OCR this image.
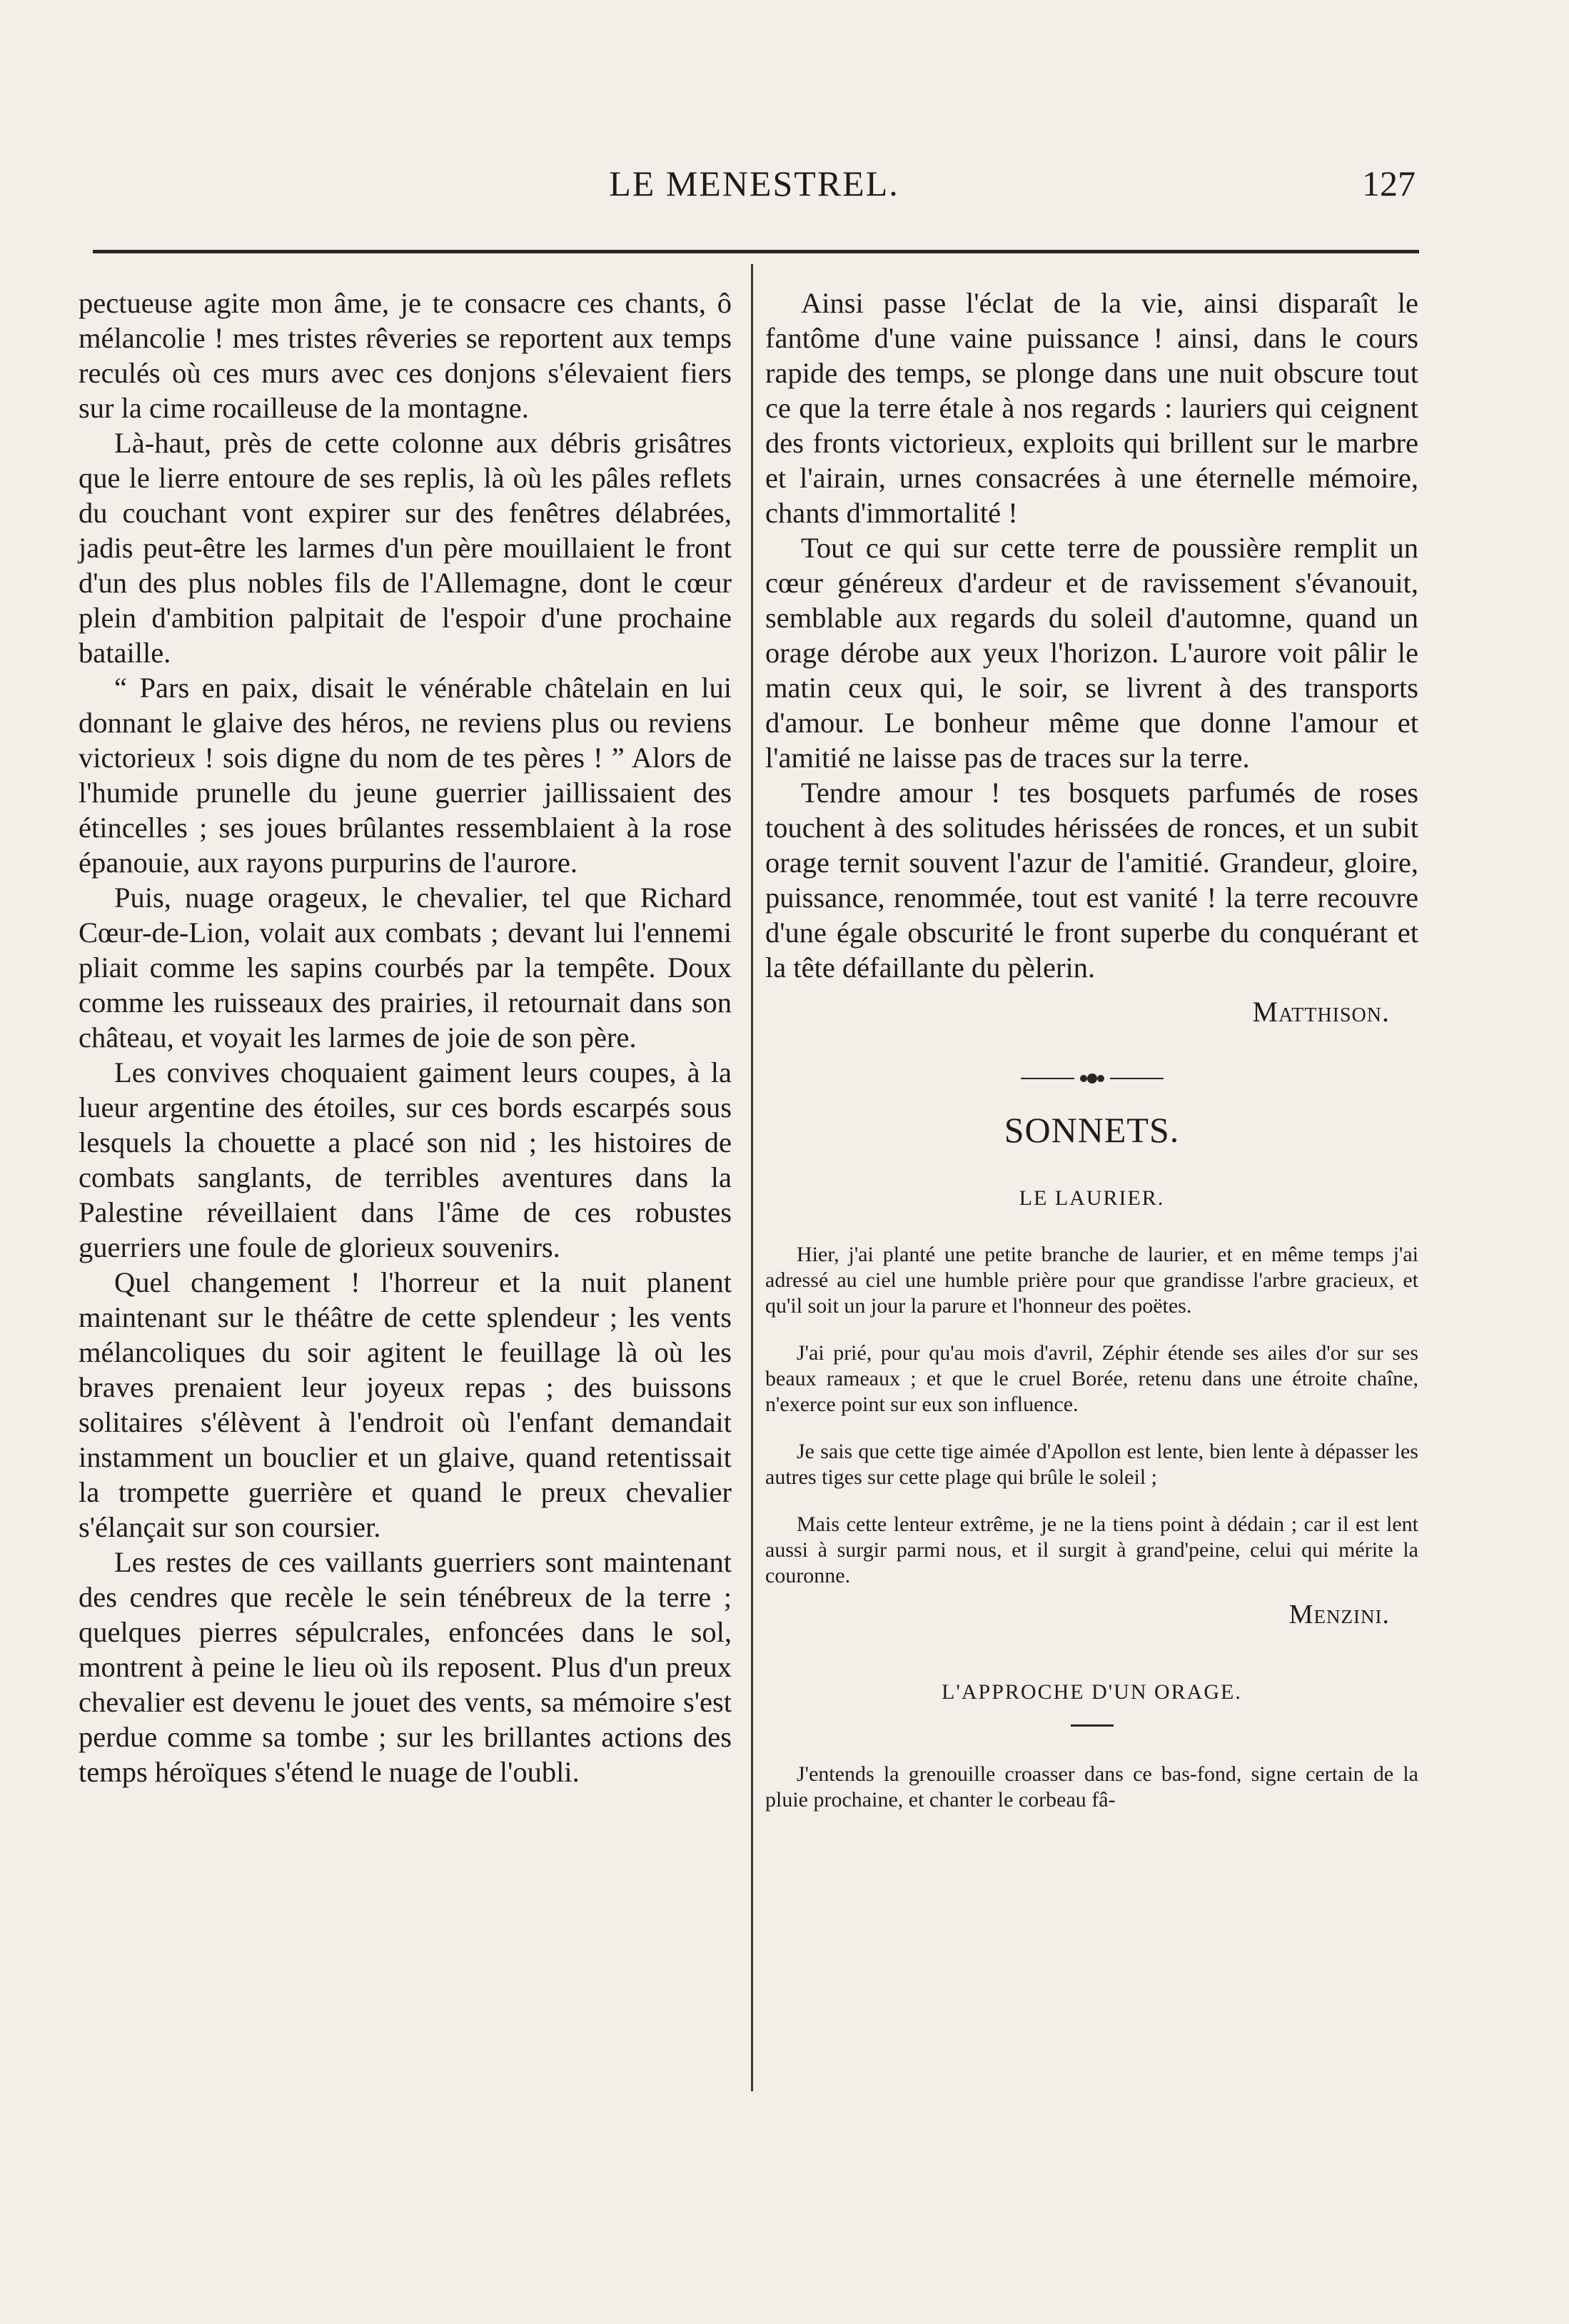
LE MENESTREL.	127

pectueuse agite mon âme, je te consacre ces chants, ô mélancolie ! mes tristes rêveries se reportent aux temps reculés où ces murs avec ces donjons s'élevaient fiers sur la cime rocailleuse de la montagne.

Là-haut, près de cette colonne aux débris grisâtres que le lierre entoure de ses replis, là où les pâles reflets du couchant vont expirer sur des fenêtres délabrées, jadis peut-être les larmes d'un père mouillaient le front d'un des plus nobles fils de l'Allemagne, dont le cœur plein d'ambition palpitait de l'espoir d'une prochaine bataille.

“ Pars en paix, disait le vénérable châtelain en lui donnant le glaive des héros, ne reviens plus ou reviens victorieux ! sois digne du nom de tes pères ! ” Alors de l'humide prunelle du jeune guerrier jaillissaient des étincelles ; ses joues brûlantes ressemblaient à la rose épanouie, aux rayons purpurins de l'aurore.

Puis, nuage orageux, le chevalier, tel que Richard Cœur-de-Lion, volait aux combats ; devant lui l'ennemi pliait comme les sapins courbés par la tempête. Doux comme les ruisseaux des prairies, il retournait dans son château, et voyait les larmes de joie de son père.

Les convives choquaient gaiment leurs coupes, à la lueur argentine des étoiles, sur ces bords escarpés sous lesquels la chouette a placé son nid ; les histoires de combats sanglants, de terribles aventures dans la Palestine réveillaient dans l'âme de ces robustes guerriers une foule de glorieux souvenirs.

Quel changement ! l'horreur et la nuit planent maintenant sur le théâtre de cette splendeur ; les vents mélancoliques du soir agitent le feuillage là où les braves prenaient leur joyeux repas ; des buissons solitaires s'élèvent à l'endroit où l'enfant demandait instamment un bouclier et un glaive, quand retentissait la trompette guerrière et quand le preux chevalier s'élançait sur son coursier.

Les restes de ces vaillants guerriers sont maintenant des cendres que recèle le sein ténébreux de la terre ; quelques pierres sépulcrales, enfoncées dans le sol, montrent à peine le lieu où ils reposent. Plus d'un preux chevalier est devenu le jouet des vents, sa mémoire s'est perdue comme sa tombe ; sur les brillantes actions des temps héroïques s'étend le nuage de l'oubli.

Ainsi passe l'éclat de la vie, ainsi disparaît le fantôme d'une vaine puissance ! ainsi, dans le cours rapide des temps, se plonge dans une nuit obscure tout ce que la terre étale à nos regards : lauriers qui ceignent des fronts victorieux, exploits qui brillent sur le marbre et l'airain, urnes consacrées à une éternelle mémoire, chants d'immortalité !

Tout ce qui sur cette terre de poussière remplit un cœur généreux d'ardeur et de ravissement s'évanouit, semblable aux regards du soleil d'automne, quand un orage dérobe aux yeux l'horizon. L'aurore voit pâlir le matin ceux qui, le soir, se livrent à des transports d'amour. Le bonheur même que donne l'amour et l'amitié ne laisse pas de traces sur la terre.

Tendre amour ! tes bosquets parfumés de roses touchent à des solitudes hérissées de ronces, et un subit orage ternit souvent l'azur de l'amitié. Grandeur, gloire, puissance, renommée, tout est vanité ! la terre recouvre d'une égale obscurité le front superbe du conquérant et la tête défaillante du pèlerin.

Matthison.
SONNETS.
LE LAURIER.

Hier, j'ai planté une petite branche de laurier, et en même temps j'ai adressé au ciel une humble prière pour que grandisse l'arbre gracieux, et qu'il soit un jour la parure et l'honneur des poëtes.

J'ai prié, pour qu'au mois d'avril, Zéphir étende ses ailes d'or sur ses beaux rameaux ; et que le cruel Borée, retenu dans une étroite chaîne, n'exerce point sur eux son influence.

Je sais que cette tige aimée d'Apollon est lente, bien lente à dépasser les autres tiges sur cette plage qui brûle le soleil ;

Mais cette lenteur extrême, je ne la tiens point à dédain ; car il est lent aussi à surgir parmi nous, et il surgit à grand'peine, celui qui mérite la couronne.

Menzini.
L'APPROCHE D'UN ORAGE.

J'entends la grenouille croasser dans ce bas-fond, signe certain de la pluie prochaine, et chanter le corbeau fâ-
